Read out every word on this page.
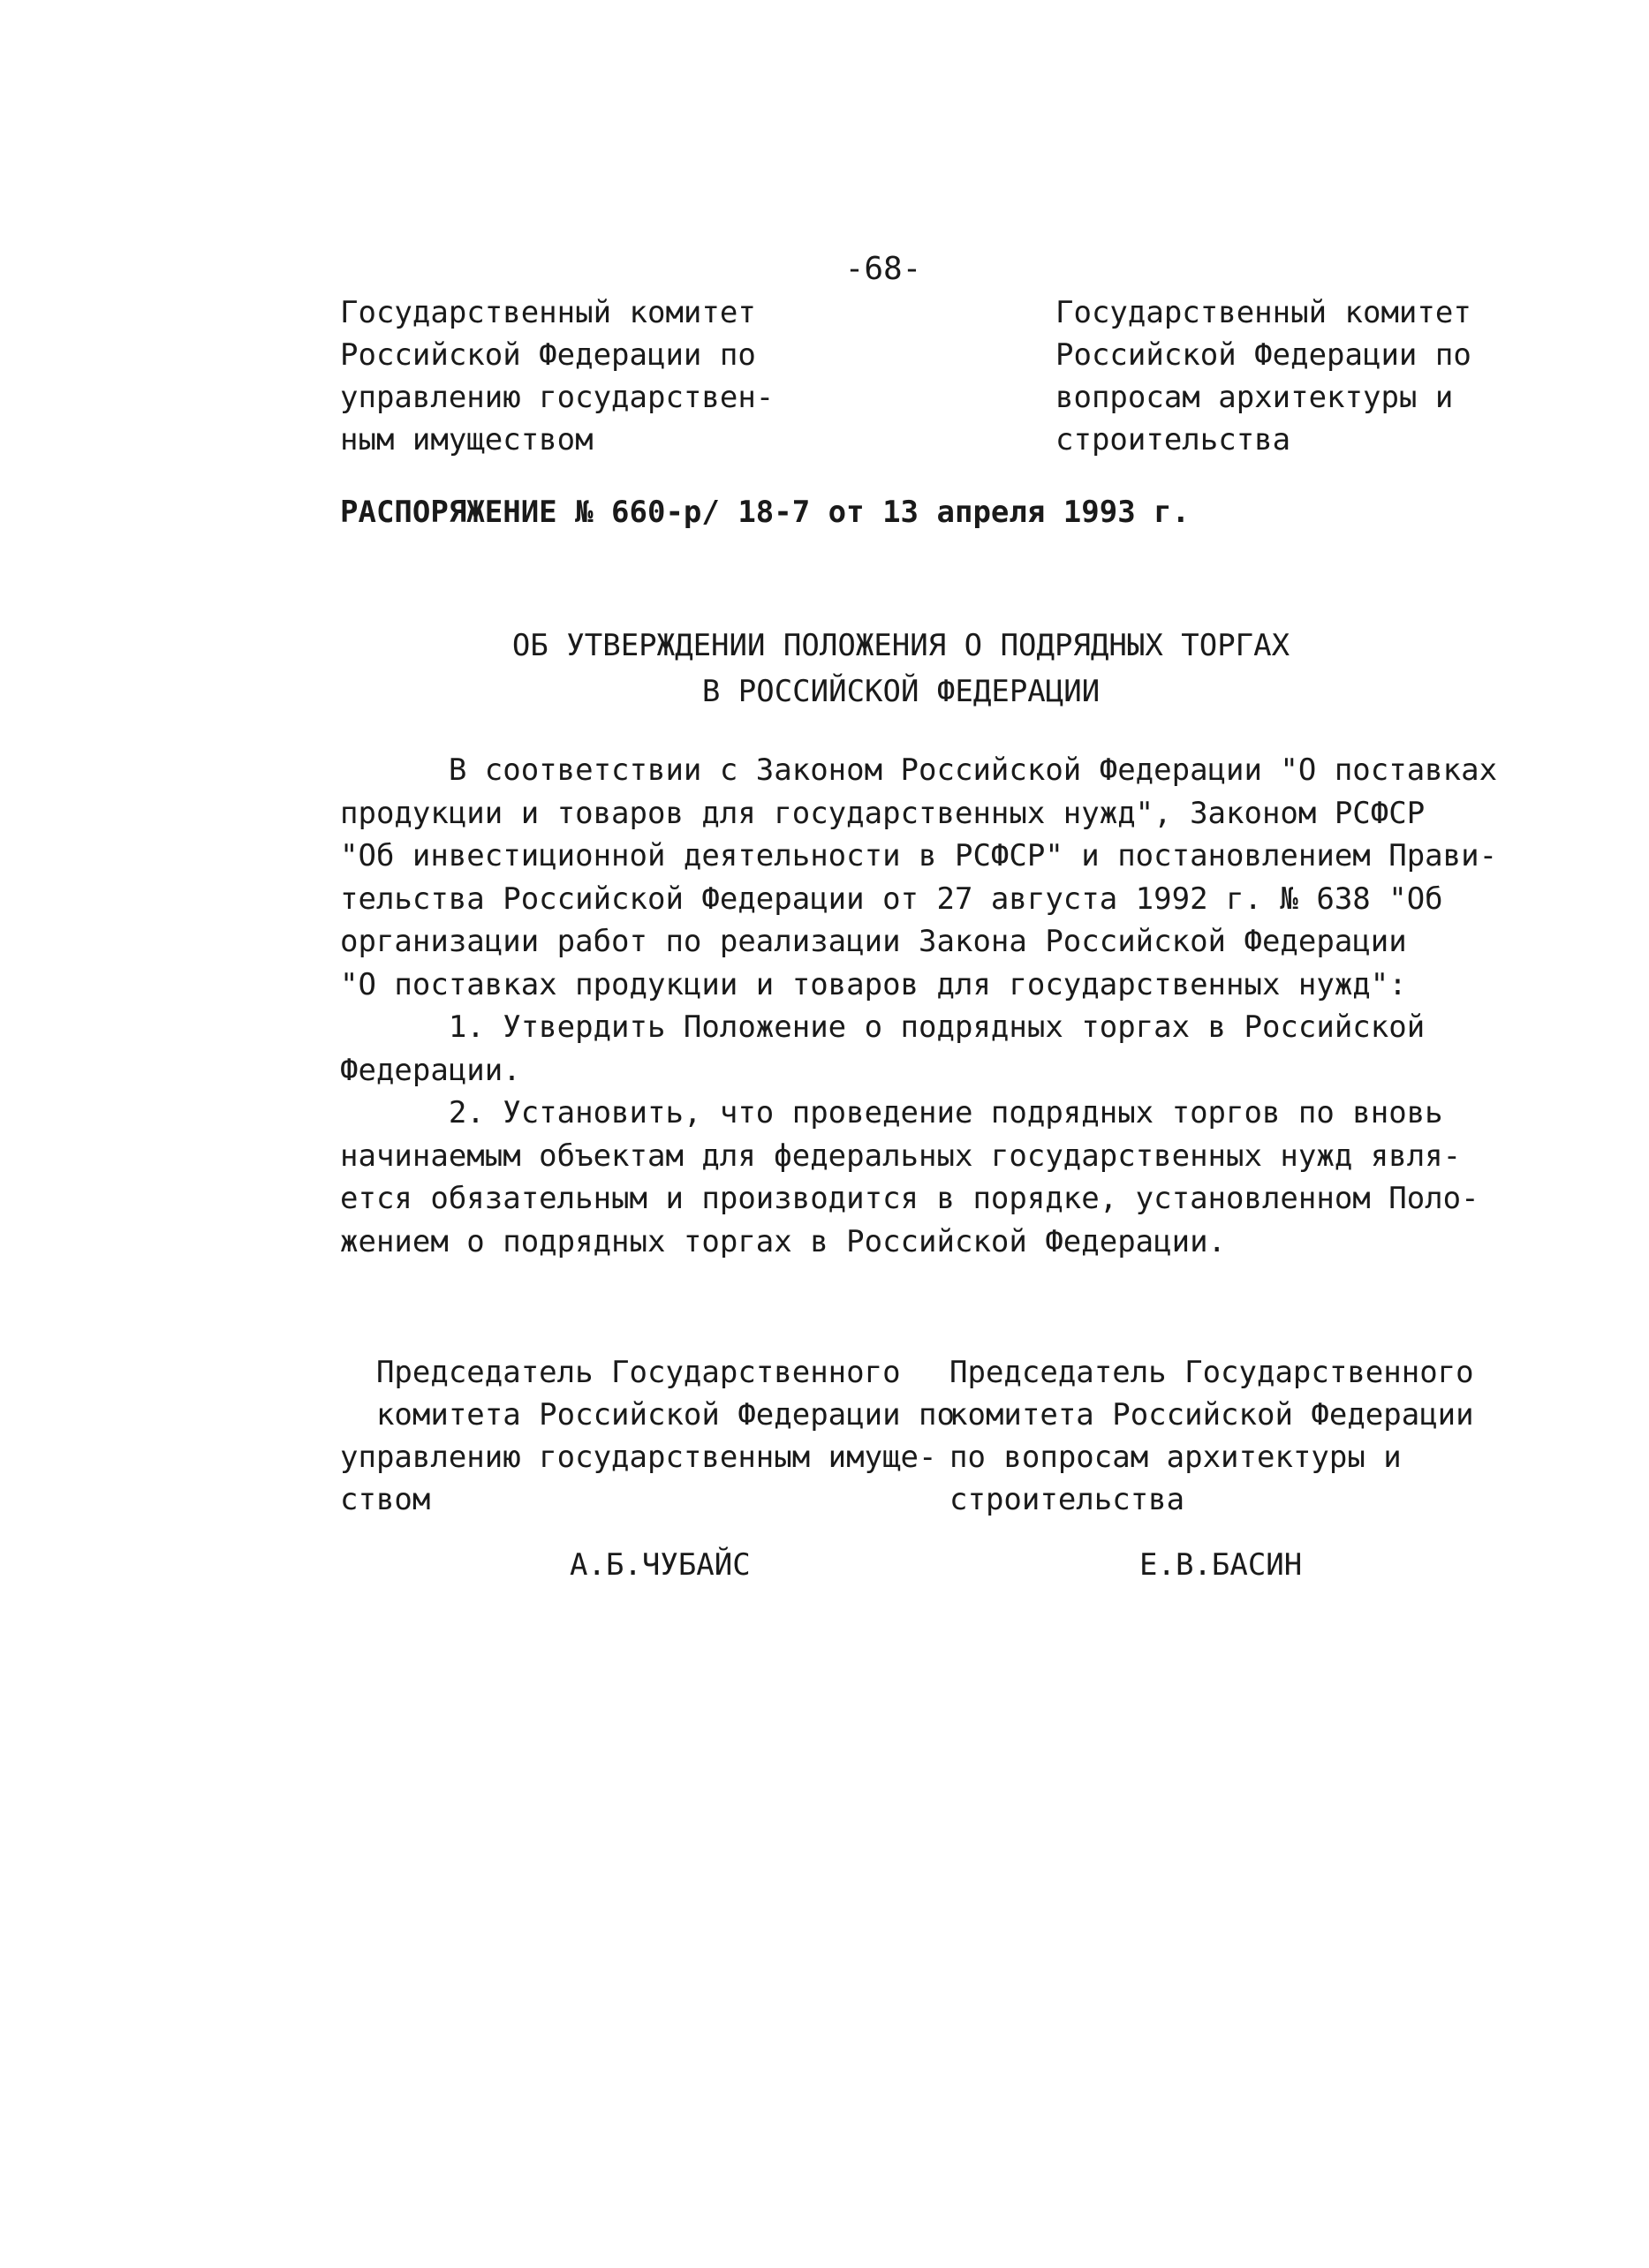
-68-
Государственный комитет
Российской Федерации по
управлению государствен-
ным имуществом
Государственный комитет
Российской Федерации по
вопросам архитектуры и
строительства
РАСПОРЯЖЕНИЕ № 660-р/ 18-7 от 13 апреля 1993 г.
ОБ УТВЕРЖДЕНИИ ПОЛОЖЕНИЯ О ПОДРЯДНЫХ ТОРГАХ
В РОССИЙСКОЙ ФЕДЕРАЦИИ
В соответствии с Законом Российской Федерации "О поставках
продукции и товаров для государственных нужд", Законом РСФСР
"Об инвестиционной деятельности в РСФСР" и постановлением Прави-
тельства Российской Федерации от 27 августа 1992 г. № 638 "Об
организации работ по реализации Закона Российской Федерации
"О поставках продукции и товаров для государственных нужд":
1. Утвердить Положение о подрядных торгах в Российской
Федерации.
2. Установить, что проведение подрядных торгов по вновь
начинаемым объектам для федеральных государственных нужд явля-
ется обязательным и производится в порядке, установленном Поло-
жением о подрядных торгах в Российской Федерации.
Председатель Государственного
комитета Российской Федерации по
управлению государственным имуще-
ством
Председатель Государственного
комитета Российской Федерации
по вопросам архитектуры и
строительства
А.Б.ЧУБАЙС	Е.В.БАСИН
